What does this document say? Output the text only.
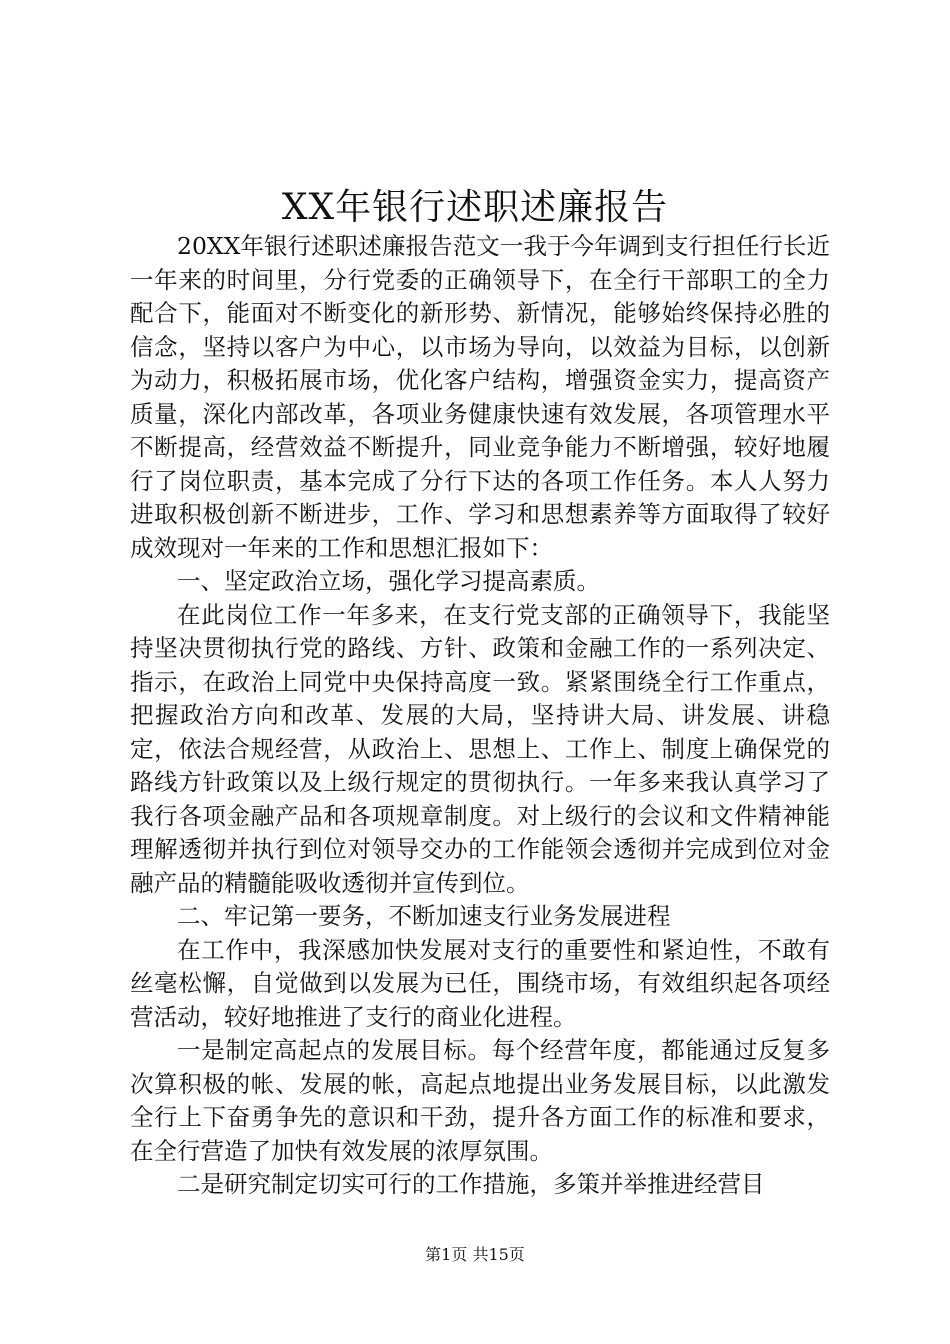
XX年银行述职述廉报告

20XX年银行述职述廉报告范文一我于今年调到支行担任行长近一年来的时间里，分行党委的正确领导下，在全行干部职工的全力配合下，能面对不断变化的新形势、新情况，能够始终保持必胜的信念，坚持以客户为中心，以市场为导向，以效益为目标，以创新为动力，积极拓展市场，优化客户结构，增强资金实力，提高资产质量，深化内部改革，各项业务健康快速有效发展，各项管理水平不断提高，经营效益不断提升，同业竞争能力不断增强，较好地履行了岗位职责，基本完成了分行下达的各项工作任务。本人人努力进取积极创新不断进步，工作、学习和思想素养等方面取得了较好成效现对一年来的工作和思想汇报如下：

一、坚定政治立场，强化学习提高素质。

在此岗位工作一年多来，在支行党支部的正确领导下，我能坚持坚决贯彻执行党的路线、方针、政策和金融工作的一系列决定、指示，在政治上同党中央保持高度一致。紧紧围绕全行工作重点，把握政治方向和改革、发展的大局，坚持讲大局、讲发展、讲稳定，依法合规经营，从政治上、思想上、工作上、制度上确保党的路线方针政策以及上级行规定的贯彻执行。一年多来我认真学习了我行各项金融产品和各项规章制度。对上级行的会议和文件精神能理解透彻并执行到位对领导交办的工作能领会透彻并完成到位对金融产品的精髓能吸收透彻并宣传到位。

二、牢记第一要务，不断加速支行业务发展进程

在工作中，我深感加快发展对支行的重要性和紧迫性，不敢有丝毫松懈，自觉做到以发展为已任，围绕市场，有效组织起各项经营活动，较好地推进了支行的商业化进程。

一是制定高起点的发展目标。每个经营年度，都能通过反复多次算积极的帐、发展的帐，高起点地提出业务发展目标，以此激发全行上下奋勇争先的意识和干劲，提升各方面工作的标准和要求，在全行营造了加快有效发展的浓厚氛围。

二是研究制定切实可行的工作措施，多策并举推进经营目

第1页 共15页
